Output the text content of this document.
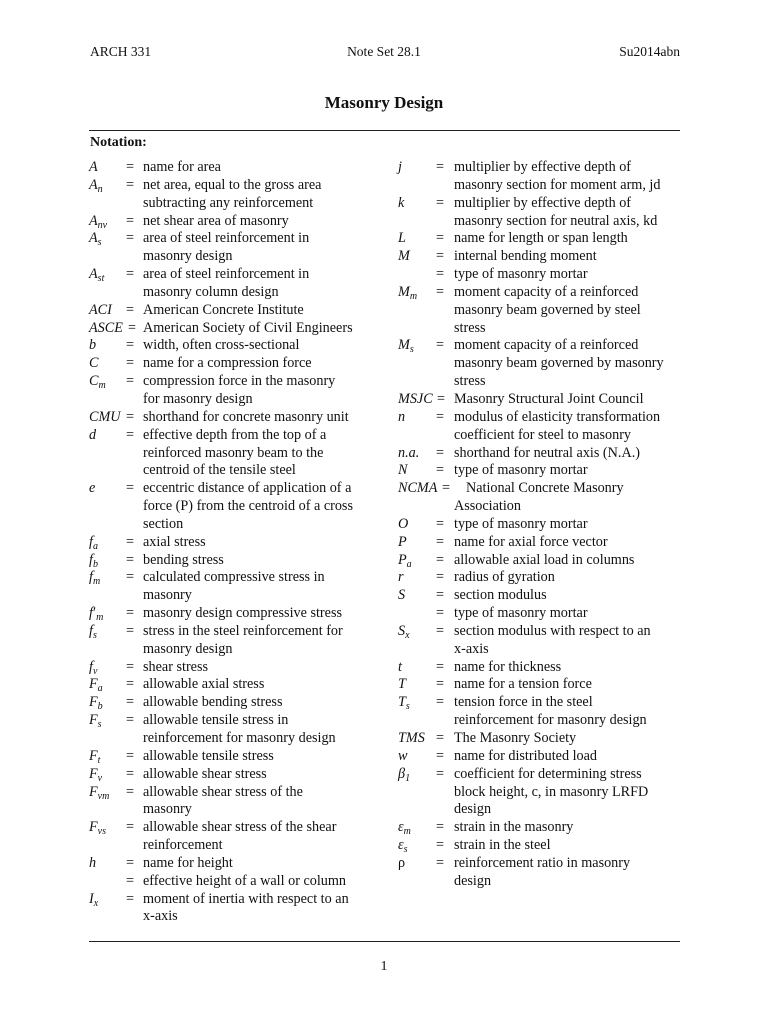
ARCH 331	Note Set 28.1	Su2014abn
Masonry Design
Notation:
A = name for area
$A_n$ = net area, equal to the gross area
subtracting any reinforcement
$A_{nv}$ = net shear area of masonry
$A_s$ = area of steel reinforcement in
masonry design
$A_{st}$ = area of steel reinforcement in
masonry column design
ACI = American Concrete Institute
ASCE = American Society of Civil Engineers
b = width, often cross-sectional
C = name for a compression force
$C_m$ = compression force in the masonry
for masonry design
CMU = shorthand for concrete masonry unit
d = effective depth from the top of a
reinforced masonry beam to the
centroid of the tensile steel
e = eccentric distance of application of a
force (P) from the centroid of a cross
section
$f_a$ = axial stress
$f_b$ = bending stress
$f_m$ = calculated compressive stress in
masonry
$f'_m$ = masonry design compressive stress
$f_s$ = stress in the steel reinforcement for
masonry design
$f_v$ = shear stress
$F_a$ = allowable axial stress
$F_b$ = allowable bending stress
$F_s$ = allowable tensile stress in
reinforcement for masonry design
$F_t$ = allowable tensile stress
$F_v$ = allowable shear stress
$F_{vm}$ = allowable shear stress of the
masonry
$F_{vs}$ = allowable shear stress of the shear
reinforcement
h = name for height
= effective height of a wall or column
$I_x$ = moment of inertia with respect to an
x-axis
j = multiplier by effective depth of
masonry section for moment arm, jd
k = multiplier by effective depth of
masonry section for neutral axis, kd
L = name for length or span length
M = internal bending moment
= type of masonry mortar
$M_m$ = moment capacity of a reinforced
masonry beam governed by steel
stress
$M_s$ = moment capacity of a reinforced
masonry beam governed by masonry
stress
MSJC = Masonry Structural Joint Council
n = modulus of elasticity transformation
coefficient for steel to masonry
n.a. = shorthand for neutral axis (N.A.)
N = type of masonry mortar
NCMA = National Concrete Masonry
Association
O = type of masonry mortar
P = name for axial force vector
$P_a$ = allowable axial load in columns
r = radius of gyration
S = section modulus
= type of masonry mortar
$S_x$ = section modulus with respect to an
x-axis
t = name for thickness
T = name for a tension force
$T_s$ = tension force in the steel
reinforcement for masonry design
TMS = The Masonry Society
w = name for distributed load
$\beta_1$ = coefficient for determining stress
block height, c, in masonry LRFD
design
$\varepsilon_m$ = strain in the masonry
$\varepsilon_s$ = strain in the steel
ρ = reinforcement ratio in masonry
design
1
